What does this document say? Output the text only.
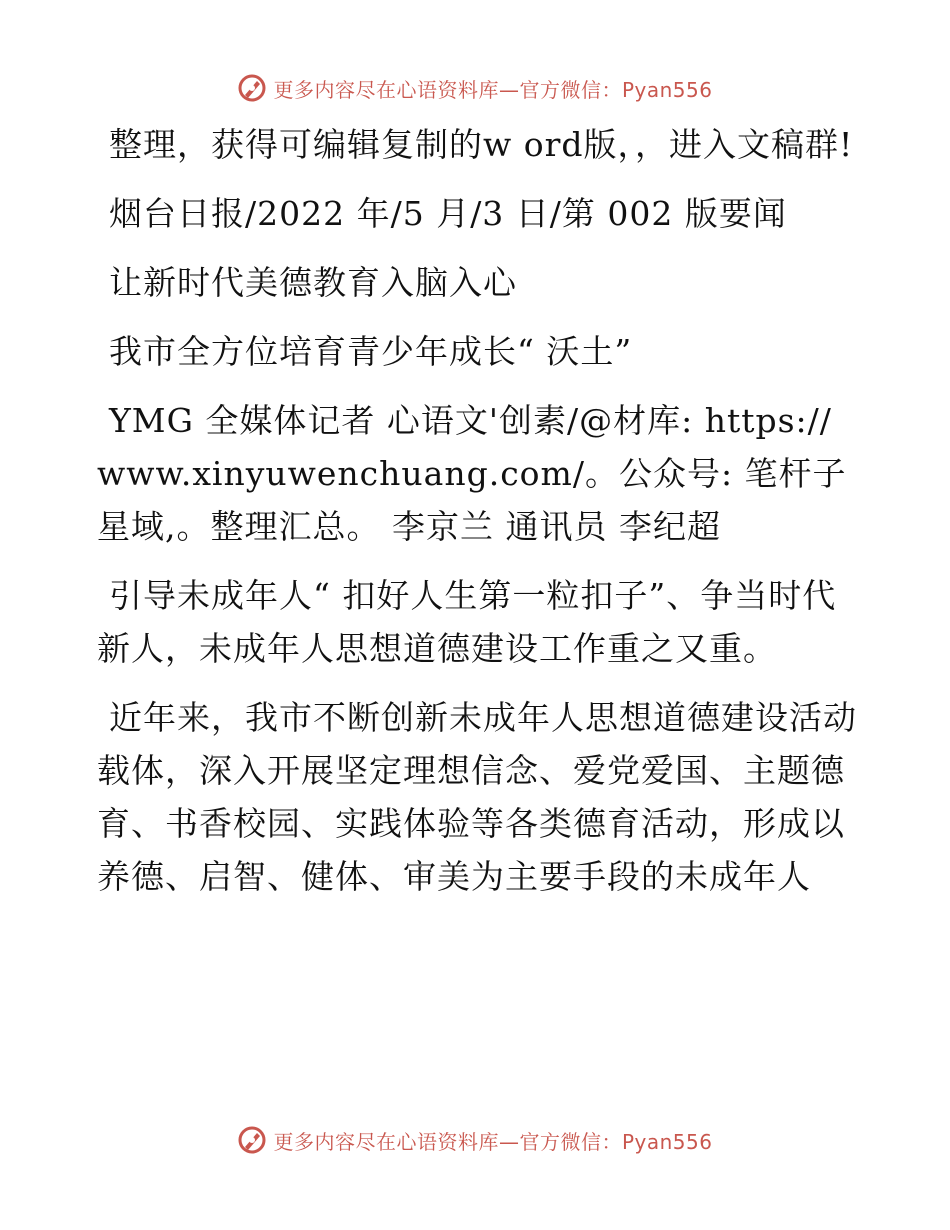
更多内容尽在心语资料库—官方微信：Pyan556

整理，获得可编辑复制的w ord版，，进入文稿群!

烟台日报/2022 年/5 月/3 日/第 002 版要闻

让新时代美德教育入脑入心

我市全方位培育青少年成长“ 沃土”

YMG 全媒体记者 心语文'创素/@材库: https://www.xinyuwenchuang.com/。公众号: 笔杆子星域,。整理汇总。 李京兰 通讯员 李纪超

引导未成年人“ 扣好人生第一粒扣子”、争当时代新人，未成年人思想道德建设工作重之又重。

近年来，我市不断创新未成年人思想道德建设活动载体，深入开展坚定理想信念、爱党爱国、主题德育、书香校园、实践体验等各类德育活动，形成以养德、启智、健体、审美为主要手段的未成年人

更多内容尽在心语资料库—官方微信：Pyan556
